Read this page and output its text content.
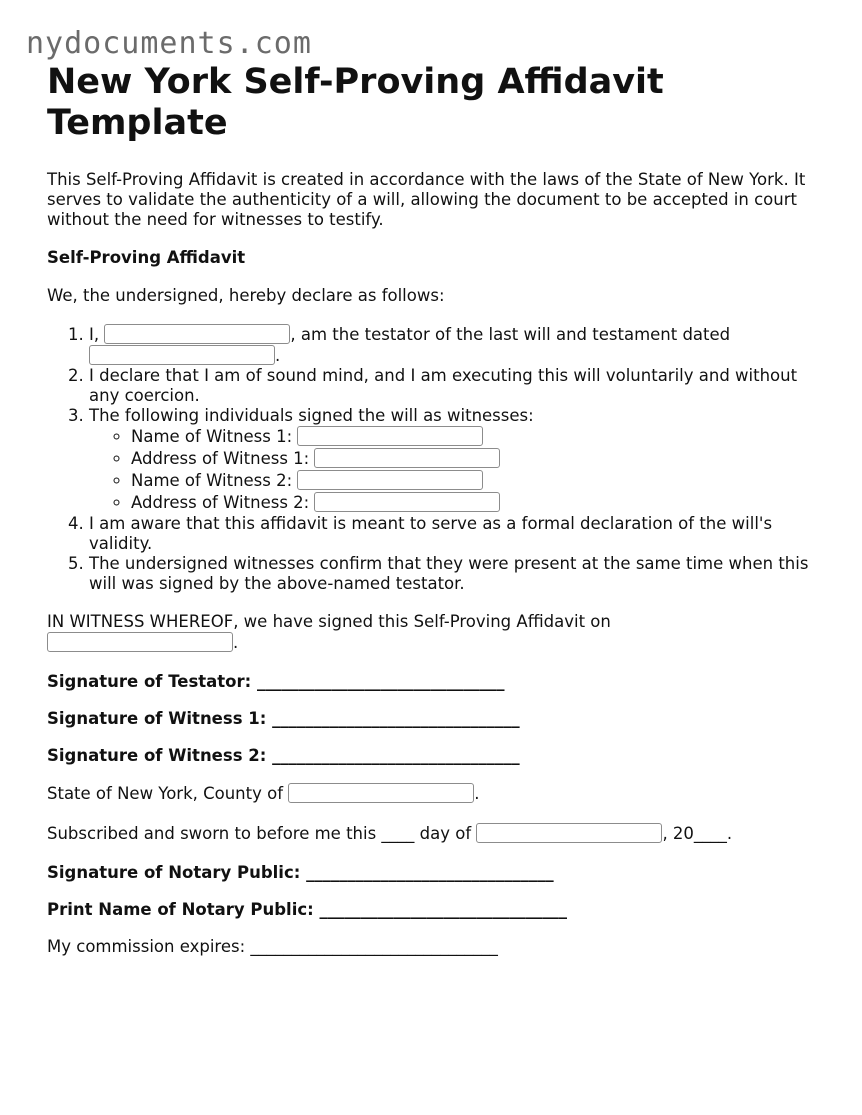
nydocuments.com
New York Self-Proving Affidavit Template

This Self-Proving Affidavit is created in accordance with the laws of the State of New York. It serves to validate the authenticity of a will, allowing the document to be accepted in court without the need for witnesses to testify.

Self-Proving Affidavit

We, the undersigned, hereby declare as follows:

1. I,	, am the testator of the last will and testament dated
.
2. I declare that I am of sound mind, and I am executing this will voluntarily and without any coercion.
3. The following individuals signed the will as witnesses:
◦ Name of Witness 1:
◦ Address of Witness 1:
◦ Name of Witness 2:
◦ Address of Witness 2:
4. I am aware that this affidavit is meant to serve as a formal declaration of the will's validity.
5. The undersigned witnesses confirm that they were present at the same time when this will was signed by the above-named testator.

IN WITNESS WHEREOF, we have signed this Self-Proving Affidavit on
.

Signature of Testator: ______________________________

Signature of Witness 1: ______________________________

Signature of Witness 2: ______________________________

State of New York, County of	.

Subscribed and sworn to before me this ____ day of	, 20____.

Signature of Notary Public: ______________________________

Print Name of Notary Public: ______________________________

My commission expires: ______________________________
